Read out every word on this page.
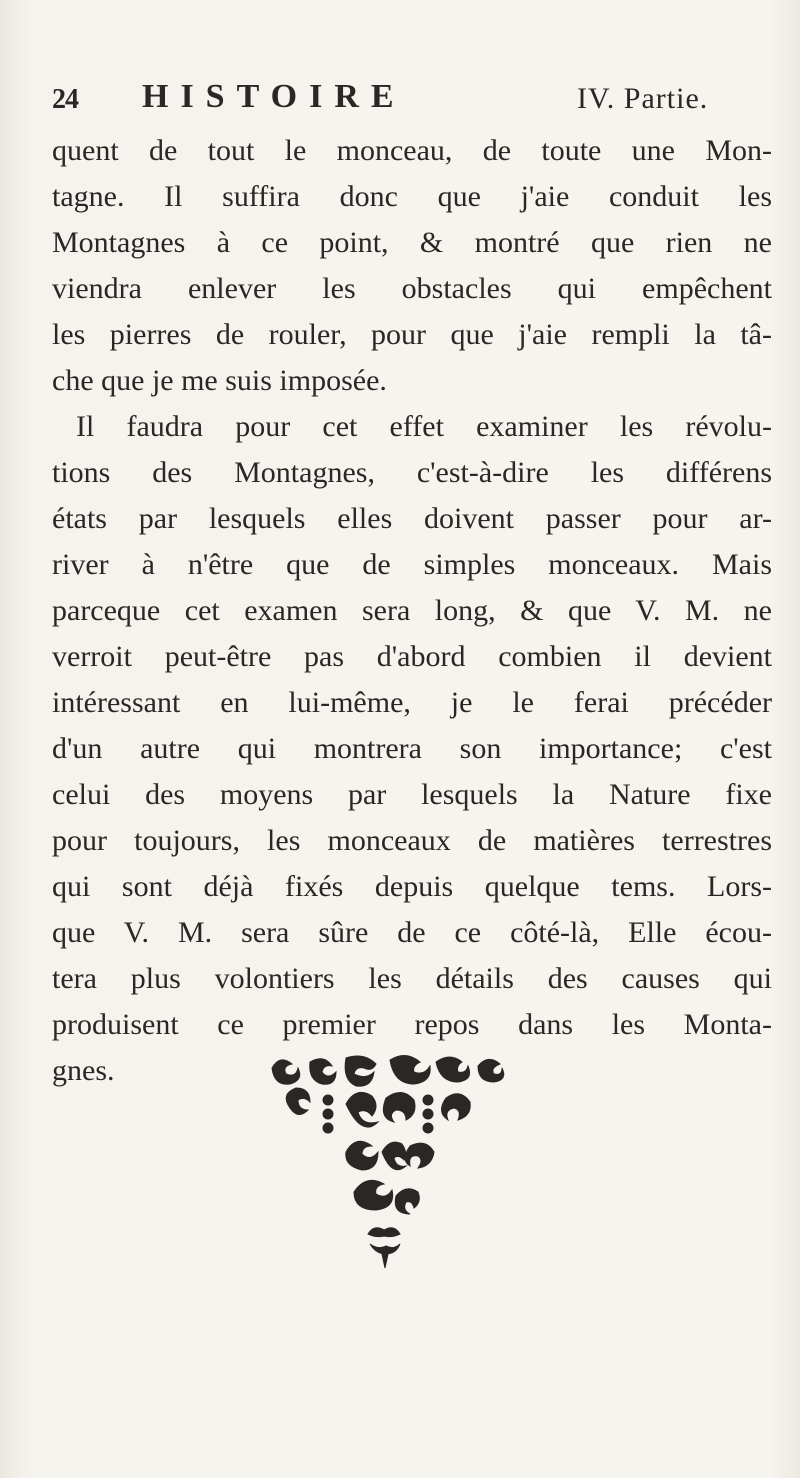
24 HISTOIRE	IV. Partie.
quent de tout le monceau, de toute une Mon-
tagne. Il suffira donc que j'aie conduit les
Montagnes à ce point, & montré que rien ne
viendra enlever les obstacles qui empêchent
les pierres de rouler, pour que j'aie rempli la tâ-
che que je me suis imposée.
Il faudra pour cet effet examiner les révolu-
tions des Montagnes, c'est-à-dire les différens
états par lesquels elles doivent passer pour ar-
river à n'être que de simples monceaux. Mais
parceque cet examen sera long, & que V. M. ne
verroit peut-être pas d'abord combien il devient
intéressant en lui-même, je le ferai précéder
d'un autre qui montrera son importance; c'est
celui des moyens par lesquels la Nature fixe
pour toujours, les monceaux de matières terrestres
qui sont déjà fixés depuis quelque tems. Lors-
que V. M. sera sûre de ce côté-là, Elle écou-
tera plus volontiers les détails des causes qui
produisent ce premier repos dans les Monta-
gnes.
